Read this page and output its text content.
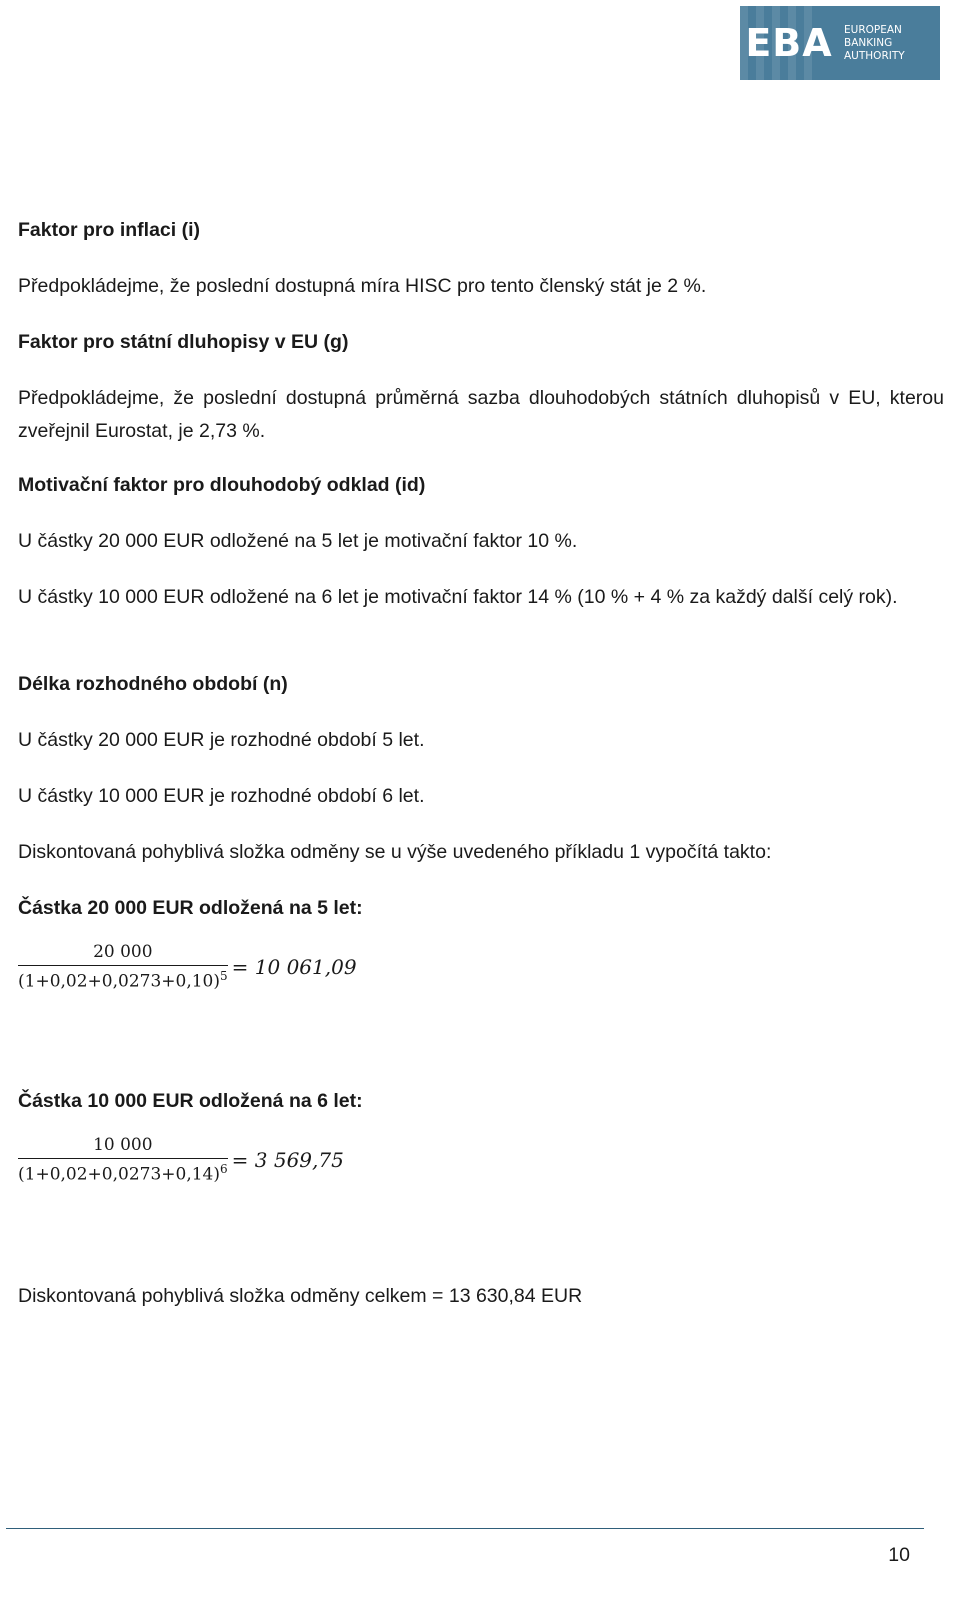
EBA EUROPEAN
BANKING
AUTHORITY
Faktor pro inflaci (i)
Předpokládejme, že poslední dostupná míra HISC pro tento členský stát je 2 %.
Faktor pro státní dluhopisy v EU (g)
Předpokládejme, že poslední dostupná průměrná sazba dlouhodobých státních dluhopisů v EU, kterou zveřejnil Eurostat, je 2,73 %.
Motivační faktor pro dlouhodobý odklad (id)
U částky 20 000 EUR odložené na 5 let je motivační faktor 10 %.
U částky 10 000 EUR odložené na 6 let je motivační faktor 14 % (10 % + 4 % za každý další celý rok).
Délka rozhodného období (n)
U částky 20 000 EUR je rozhodné období 5 let.
U částky 10 000 EUR je rozhodné období 6 let.
Diskontovaná pohyblivá složka odměny se u výše uvedeného příkladu 1 vypočítá takto:
Částka 20 000 EUR odložená na 5 let:
$\frac{20 000}{(1+0,02+0,0273+0,10)^5} = 10$ 061,09
Částka 10 000 EUR odložená na 6 let:
$\frac{10 000}{(1+0,02+0,0273+0,14)^6} = 3$ 569,75
Diskontovaná pohyblivá složka odměny celkem = 13 630,84 EUR
10
